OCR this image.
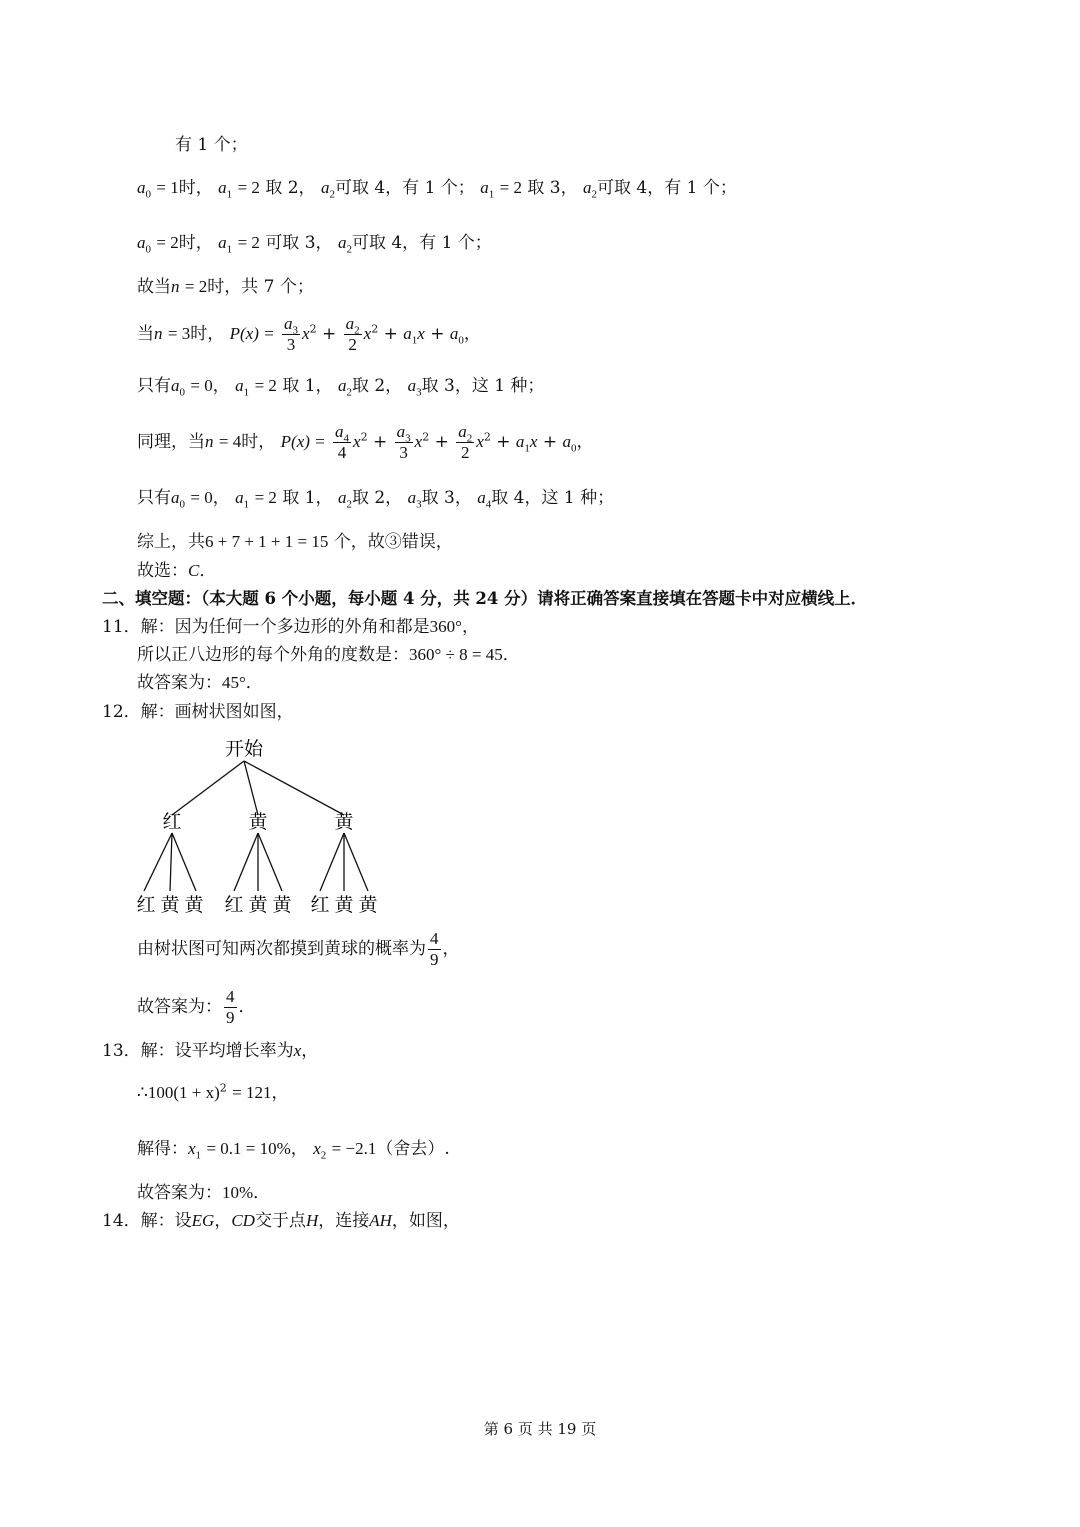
有 1 个；
$a_0 = 1$时， $a_1 = 2$ 取 2， $a_2$可取 4，有 1 个； $a_1 = 2$ 取 3， $a_2$可取 4，有 1 个；
$a_0 = 2$时， $a_1 = 2$ 可取 3， $a_2$可取 4，有 1 个；
故当n = 2时，共 7 个；
当n = 3时， $P(x) = \frac{a_3}{3} x^2 + \frac{a_2}{2} x^2 + a_1x + a_0$，
只有$a_0 = 0$， $a_1 = 2$ 取 1， $a_2$取 2， $a_3$取 3，这 1 种；
同理，当n = 4时， $P(x) = \frac{a_4}{4} x^2 + \frac{a_3}{3} x^2 + \frac{a_2}{2} x^2 + a_1x + a_0$，
只有$a_0 = 0$， $a_1 = 2$ 取 1， $a_2$取 2， $a_3$取 3， $a_4$取 4，这 1 种；
综上，共6 + 7 + 1 + 1 = 15 个，故③错误，
故选：C．
二、填空题：（本大题 6 个小题，每小题 4 分，共 24 分）请将正确答案直接填在答题卡中对应横线上．
11．解：因为任何一个多边形的外角和都是360°，
所以正八边形的每个外角的度数是：360° ÷ 8 = 45．
故答案为：45°．
12．解：画树状图如图，
开始
红	黄	黄
红 黄 黄 红 黄 黄 红 黄 黄
由树状图可知两次都摸到黄球的概率为 $\frac{4}{9}$ ，
故答案为： $\frac{4}{9}$ ．
13．解：设平均增长率为x，
∴100(1 + x)$^2$ = 121，
解得：$x_1 = 0.1 = 10\%$， $x_2 = -2.1$（舍去）.
故答案为：10%．
14．解：设EG，CD交于点H，连接AH，如图，
第 6 页 共 19 页
